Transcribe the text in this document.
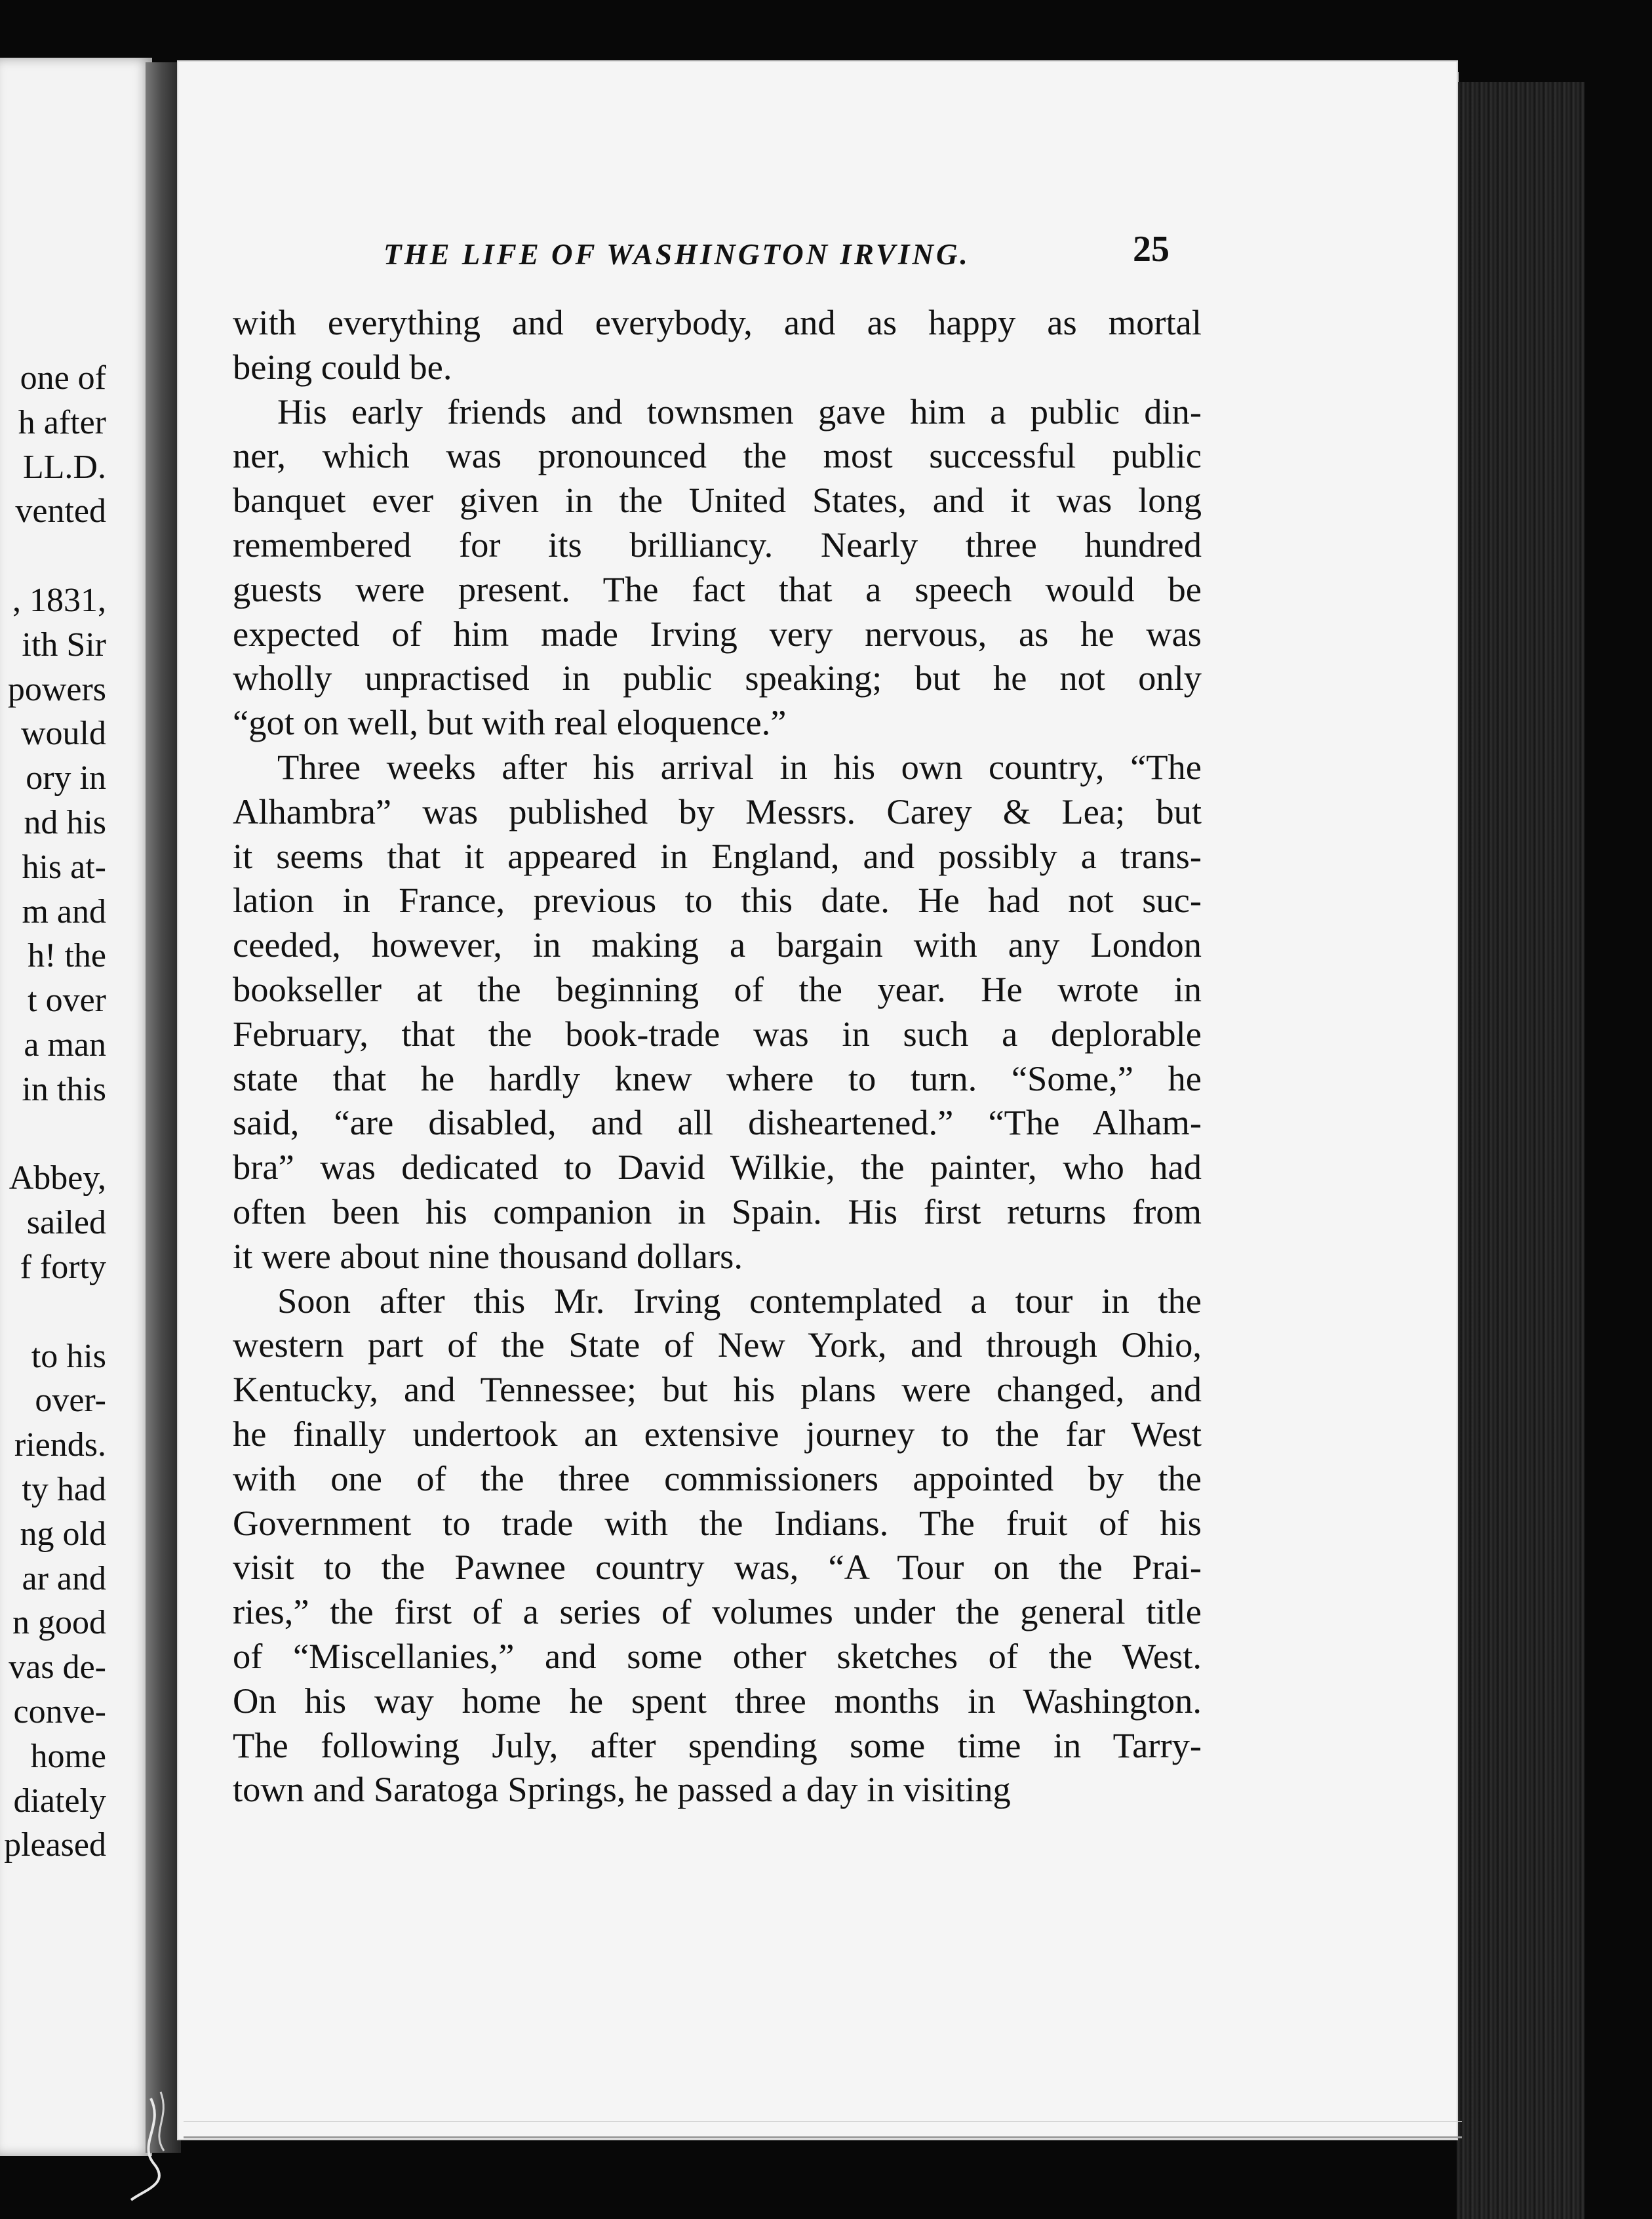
one of
h after
LL.D.
vented
, 1831,
ith Sir
powers
would
ory in
nd his
his at-
m and
h! the
t over
a man
in this
Abbey,
sailed
f forty
to his
over-
riends.
ty had
ng old
ar and
n good
vas de-
conve-
home
diately
pleased
THE LIFE OF WASHINGTON IRVING.	25
with everything and everybody, and as happy as mortal
being could be.
His early friends and townsmen gave him a public din-
ner, which was pronounced the most successful public
banquet ever given in the United States, and it was long
remembered for its brilliancy. Nearly three hundred
guests were present. The fact that a speech would be
expected of him made Irving very nervous, as he was
wholly unpractised in public speaking; but he not only
“got on well, but with real eloquence.”
Three weeks after his arrival in his own country, “The
Alhambra” was published by Messrs. Carey & Lea; but
it seems that it appeared in England, and possibly a trans-
lation in France, previous to this date. He had not suc-
ceeded, however, in making a bargain with any London
bookseller at the beginning of the year. He wrote in
February, that the book-trade was in such a deplorable
state that he hardly knew where to turn. “Some,” he
said, “are disabled, and all disheartened.” “The Alham-
bra” was dedicated to David Wilkie, the painter, who had
often been his companion in Spain. His first returns from
it were about nine thousand dollars.
Soon after this Mr. Irving contemplated a tour in the
western part of the State of New York, and through Ohio,
Kentucky, and Tennessee; but his plans were changed, and
he finally undertook an extensive journey to the far West
with one of the three commissioners appointed by the
Government to trade with the Indians. The fruit of his
visit to the Pawnee country was, “A Tour on the Prai-
ries,” the first of a series of volumes under the general title
of “Miscellanies,” and some other sketches of the West.
On his way home he spent three months in Washington.
The following July, after spending some time in Tarry-
town and Saratoga Springs, he passed a day in visiting
